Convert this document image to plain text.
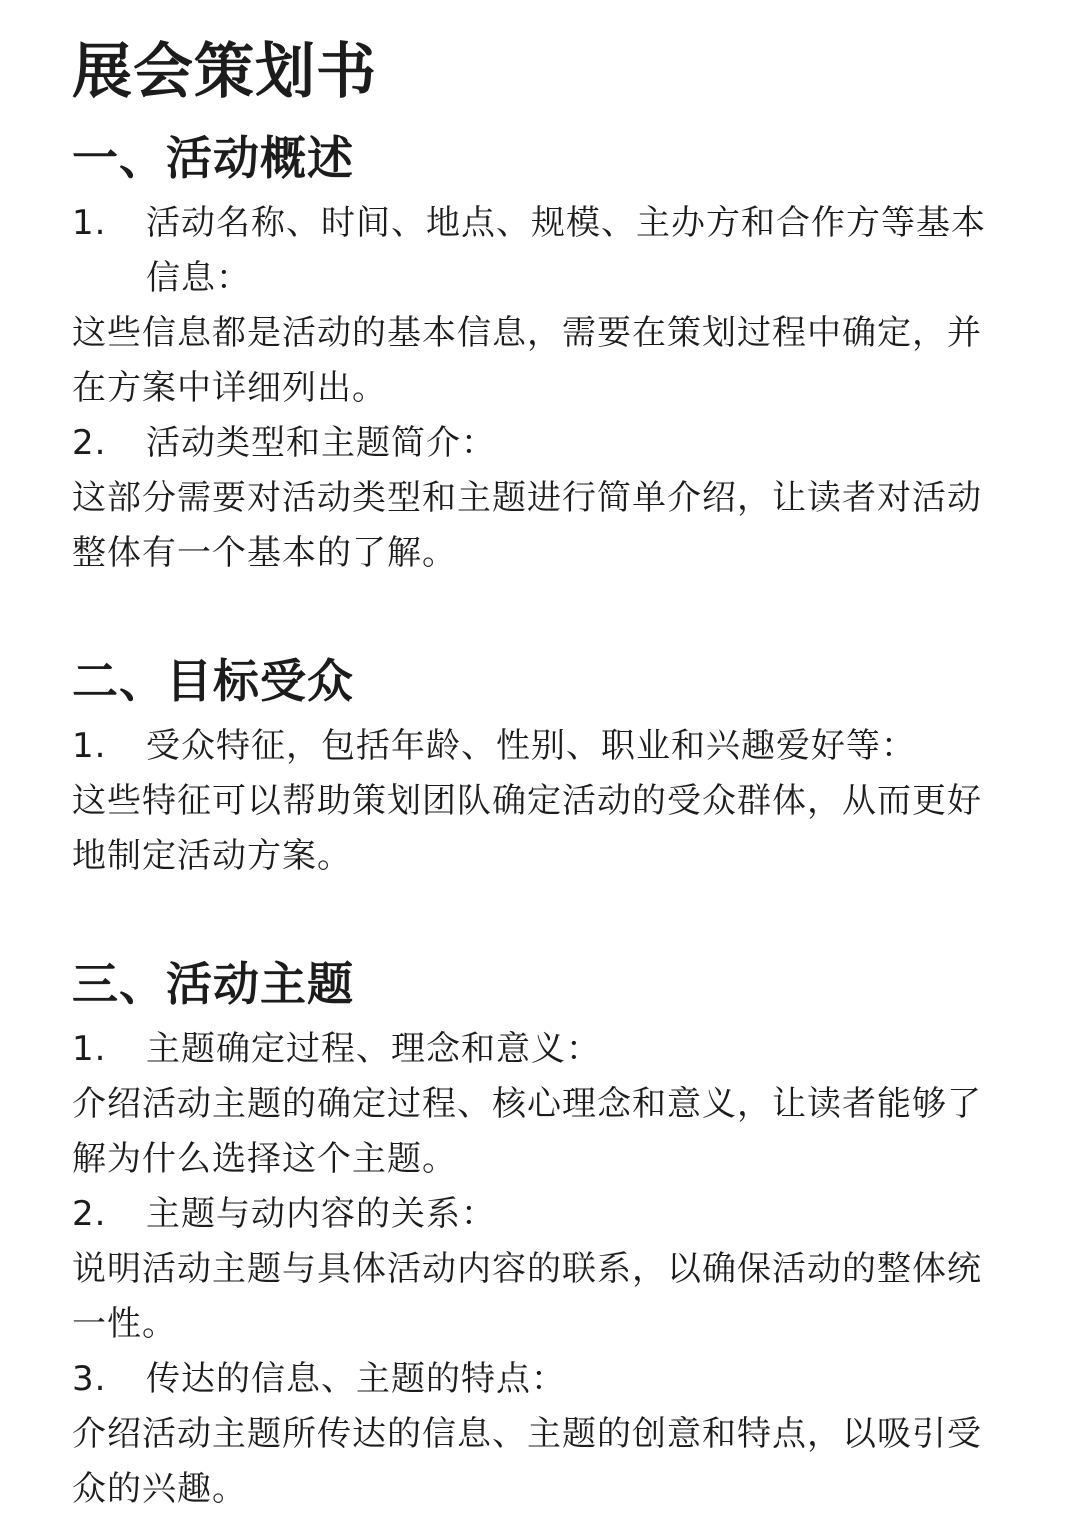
展会策划书
一、活动概述

1.	活动名称、时间、地点、规模、主办方和合作方等基本信息：

这些信息都是活动的基本信息，需要在策划过程中确定，并在方案中详细列出。

2.	活动类型和主题简介：

这部分需要对活动类型和主题进行简单介绍，让读者对活动整体有一个基本的了解。

二、目标受众

1.	受众特征，包括年龄、性别、职业和兴趣爱好等：

这些特征可以帮助策划团队确定活动的受众群体，从而更好地制定活动方案。

三、活动主题

1.	主题确定过程、理念和意义：

介绍活动主题的确定过程、核心理念和意义，让读者能够了解为什么选择这个主题。

2.	主题与动内容的关系：

说明活动主题与具体活动内容的联系，以确保活动的整体统一性。

3.	传达的信息、主题的特点：

介绍活动主题所传达的信息、主题的创意和特点，以吸引受众的兴趣。
